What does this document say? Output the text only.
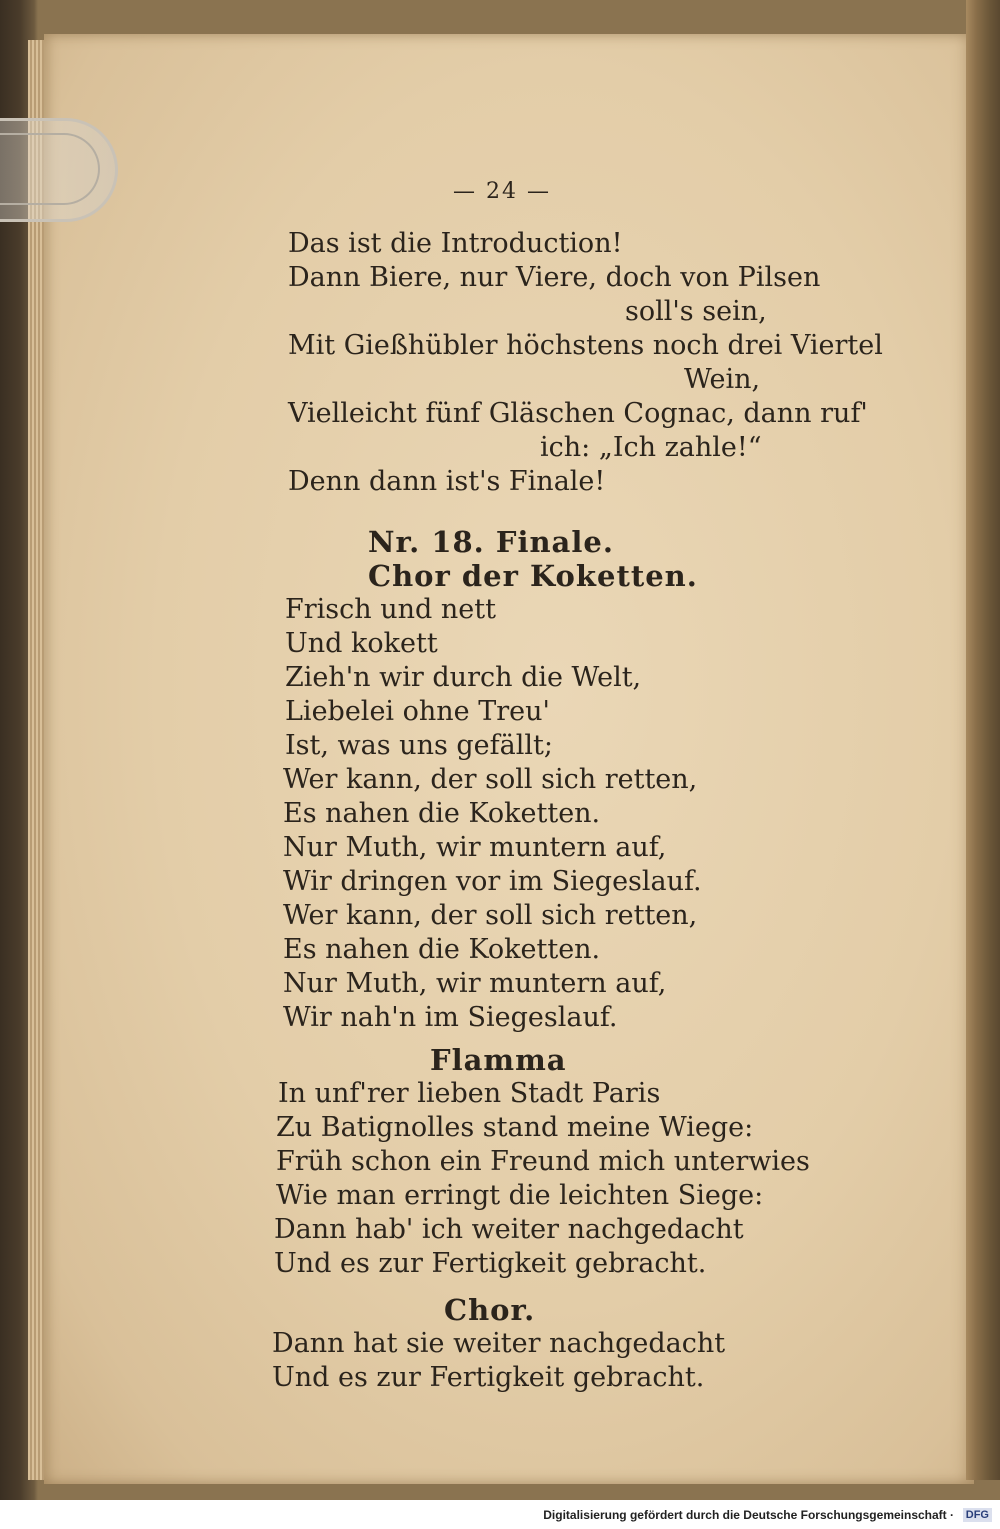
— 24 —
Das ist die Introduction!
Dann Biere, nur Viere, doch von Pilsen
soll's sein,
Mit Gießhübler höchstens noch drei Viertel
Wein,
Vielleicht fünf Gläschen Cognac, dann ruf'
ich: „Ich zahle!“
Denn dann ist's Finale!
Nr. 18. Finale.
Chor der Koketten.
Frisch und nett
Und kokett
Zieh'n wir durch die Welt,
Liebelei ohne Treu'
Ist, was uns gefällt;
Wer kann, der soll sich retten,
Es nahen die Koketten.
Nur Muth, wir muntern auf,
Wir dringen vor im Siegeslauf.
Wer kann, der soll sich retten,
Es nahen die Koketten.
Nur Muth, wir muntern auf,
Wir nah'n im Siegeslauf.
Flamma
In unf'rer lieben Stadt Paris
Zu Batignolles stand meine Wiege:
Früh schon ein Freund mich unterwies
Wie man erringt die leichten Siege:
Dann hab' ich weiter nachgedacht
Und es zur Fertigkeit gebracht.
Chor.
Dann hat sie weiter nachgedacht
Und es zur Fertigkeit gebracht.
Digitalisierung gefördert durch die Deutsche Forschungsgemeinschaft · DFG
